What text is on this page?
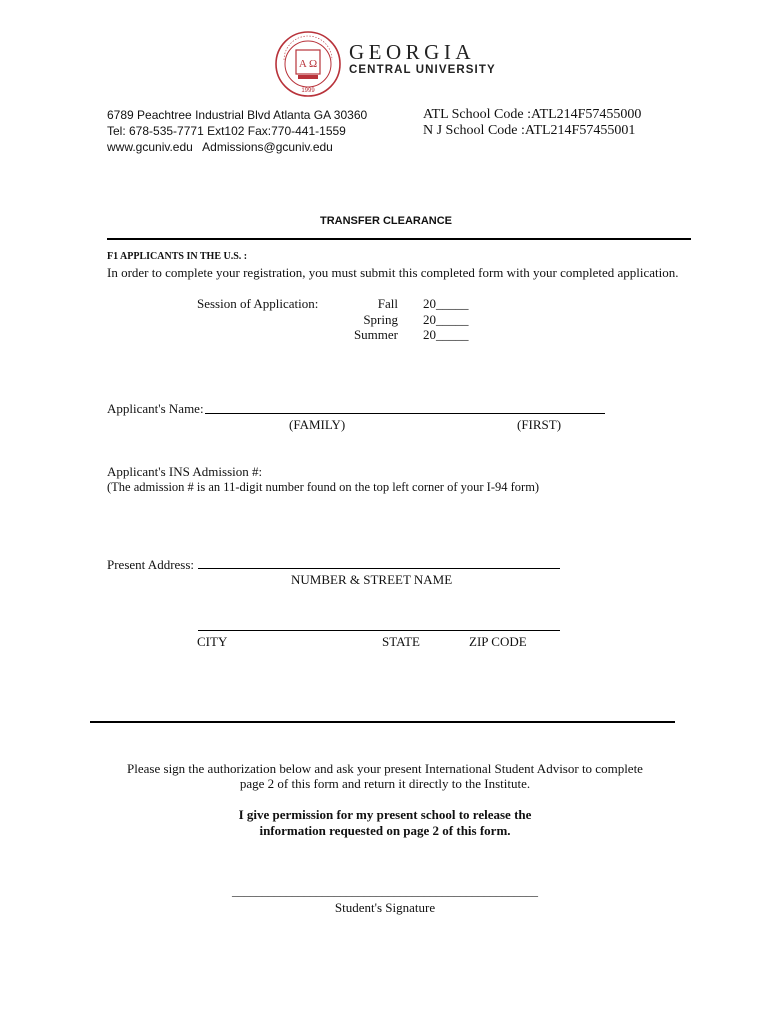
A Ω
1999
GEORGIA
CENTRAL UNIVERSITY
6789 Peachtree Industrial Blvd Atlanta GA 30360
Tel: 678-535-7771 Ext102 Fax:770-441-1559
www.gcuniv.edu   Admissions@gcuniv.edu
ATL School Code :ATL214F57455000
N J School Code :ATL214F57455001
TRANSFER CLEARANCE
F1 APPLICANTS IN THE U.S. :
In order to complete your registration, you must submit this completed form with your completed application.
Session of Application:	Fall 20_____
Spring 20_____
Summer 20_____
Applicant's Name:
(FAMILY)	(FIRST)
Applicant's INS Admission #:
(The admission # is an 11-digit number found on the top left corner of your I-94 form)
Present Address:
NUMBER & STREET NAME
CITY	STATE	ZIP CODE
Please sign the authorization below and ask your present International Student Advisor to complete
page 2 of this form and return it directly to the Institute.
I give permission for my present school to release the
information requested on page 2 of this form.
___________________________________________________
Student's Signature
